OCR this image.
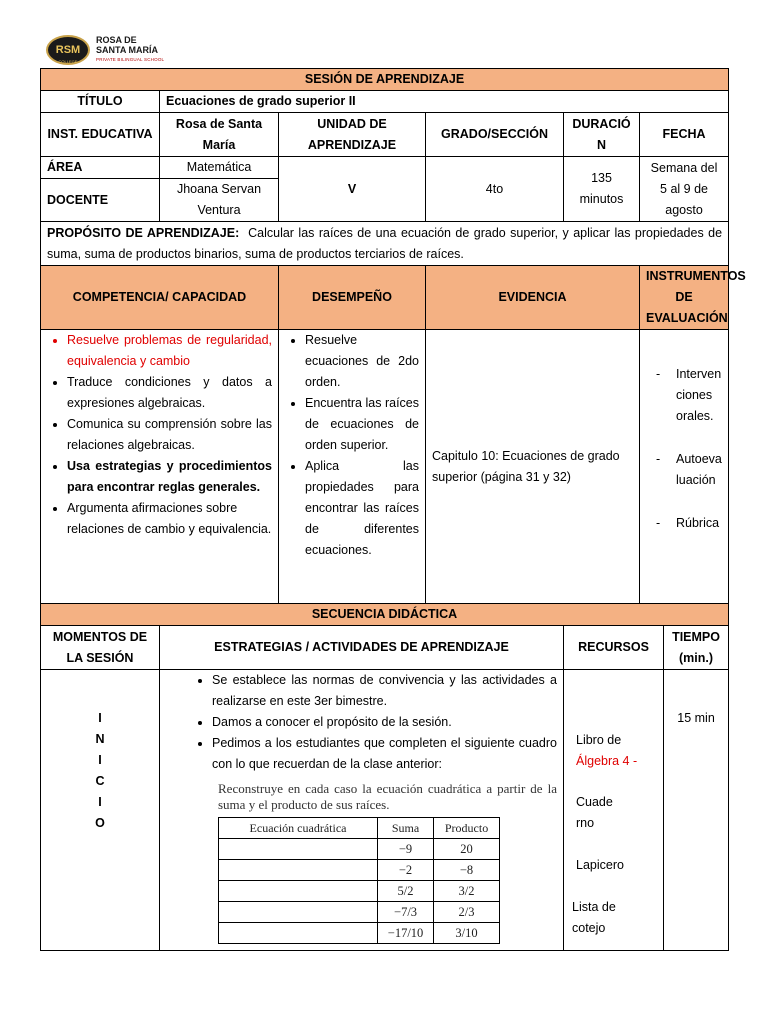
RSM
COLLEGE
ROSA DE
SANTA MARÍA
PRIVATE BILINGUAL SCHOOL
SESIÓN DE APRENDIZAJE
TÍTULO	Ecuaciones de grado superior II
INST. EDUCATIVA	Rosa de Santa María	UNIDAD DE APRENDIZAJE	GRADO/SECCIÓN	DURACIÓN	FECHA
ÁREA	Matemática	V	4to	135 minutos	Semana del 5 al 9 de agosto
DOCENTE	Jhoana Servan Ventura
PROPÓSITO DE APRENDIZAJE: Calcular las raíces de una ecuación de grado superior, y aplicar las propiedades de suma, suma de productos binarios, suma de productos terciarios de raíces.
COMPETENCIA/ CAPACIDAD	DESEMPEÑO	EVIDENCIA	INSTRUMENTOS DE EVALUACIÓN

• Resuelve problemas de regularidad, equivalencia y cambio
• Traduce condiciones y datos a expresiones algebraicas.
• Comunica su comprensión sobre las relaciones algebraicas.
• Usa estrategias y procedimientos para encontrar reglas generales.
• Argumenta afirmaciones sobre relaciones de cambio y equivalencia.

• Resuelve ecuaciones de 2do orden.
• Encuentra las raíces de ecuaciones de orden superior.
• Aplica las propiedades para encontrar las raíces de diferentes ecuaciones.
	Capitulo 10: Ecuaciones de grado superior (página 31 y 32)	
-	Intervenciones orales.
-	Autoevaluación
-	Rúbrica

SECUENCIA DIDÁCTICA
MOMENTOS DE LA SESIÓN	ESTRATEGIAS / ACTIVIDADES DE APRENDIZAJE	RECURSOS	TIEMPO (min.)

I
N
I
C
I
O

• Se establece las normas de convivencia y las actividades a realizarse en este 3er bimestre.
• Damos a conocer el propósito de la sesión.
• Pedimos a los estudiantes que completen el siguiente cuadro con lo que recuerdan de la clase anterior:
Reconstruye en cada caso la ecuación cuadrática a partir de la suma y el producto de sus raíces.
Ecuación cuadrática	Suma	Producto
	−9	20
	−2	−8
	5/2	3/2
	−7/3	2/3
	−17/10	3/10

Libro de
Álgebra 4 -
Cuaderno
Lapicero
Lista de cotejo
	15 min
